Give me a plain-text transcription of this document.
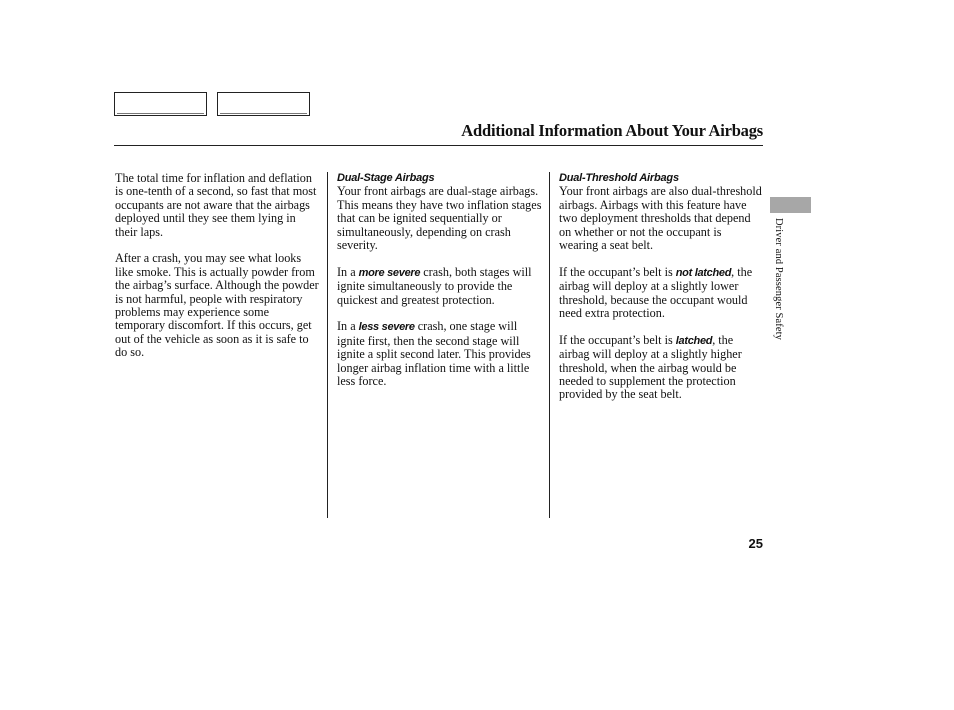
Additional Information About Your Airbags

The total time for inflation and deflation is one-tenth of a second, so fast that most occupants are not aware that the airbags deployed until they see them lying in their laps.

After a crash, you may see what looks like smoke. This is actually powder from the airbag’s surface. Although the powder is not harmful, people with respiratory problems may experience some temporary discomfort. If this occurs, get out of the vehicle as soon as it is safe to do so.

Dual-Stage Airbags

Your front airbags are dual-stage airbags. This means they have two inflation stages that can be ignited sequentially or simultaneously, depending on crash severity.

In a more severe crash, both stages will ignite simultaneously to provide the quickest and greatest protection.

In a less severe crash, one stage will ignite first, then the second stage will ignite a split second later. This provides longer airbag inflation time with a little less force.

Dual-Threshold Airbags

Your front airbags are also dual-threshold airbags. Airbags with this feature have two deployment thresholds that depend on whether or not the occupant is wearing a seat belt.

If the occupant’s belt is not latched, the airbag will deploy at a slightly lower threshold, because the occupant would need extra protection.

If the occupant’s belt is latched, the airbag will deploy at a slightly higher threshold, when the airbag would be needed to supplement the protection provided by the seat belt.

Driver and Passenger Safety
25
